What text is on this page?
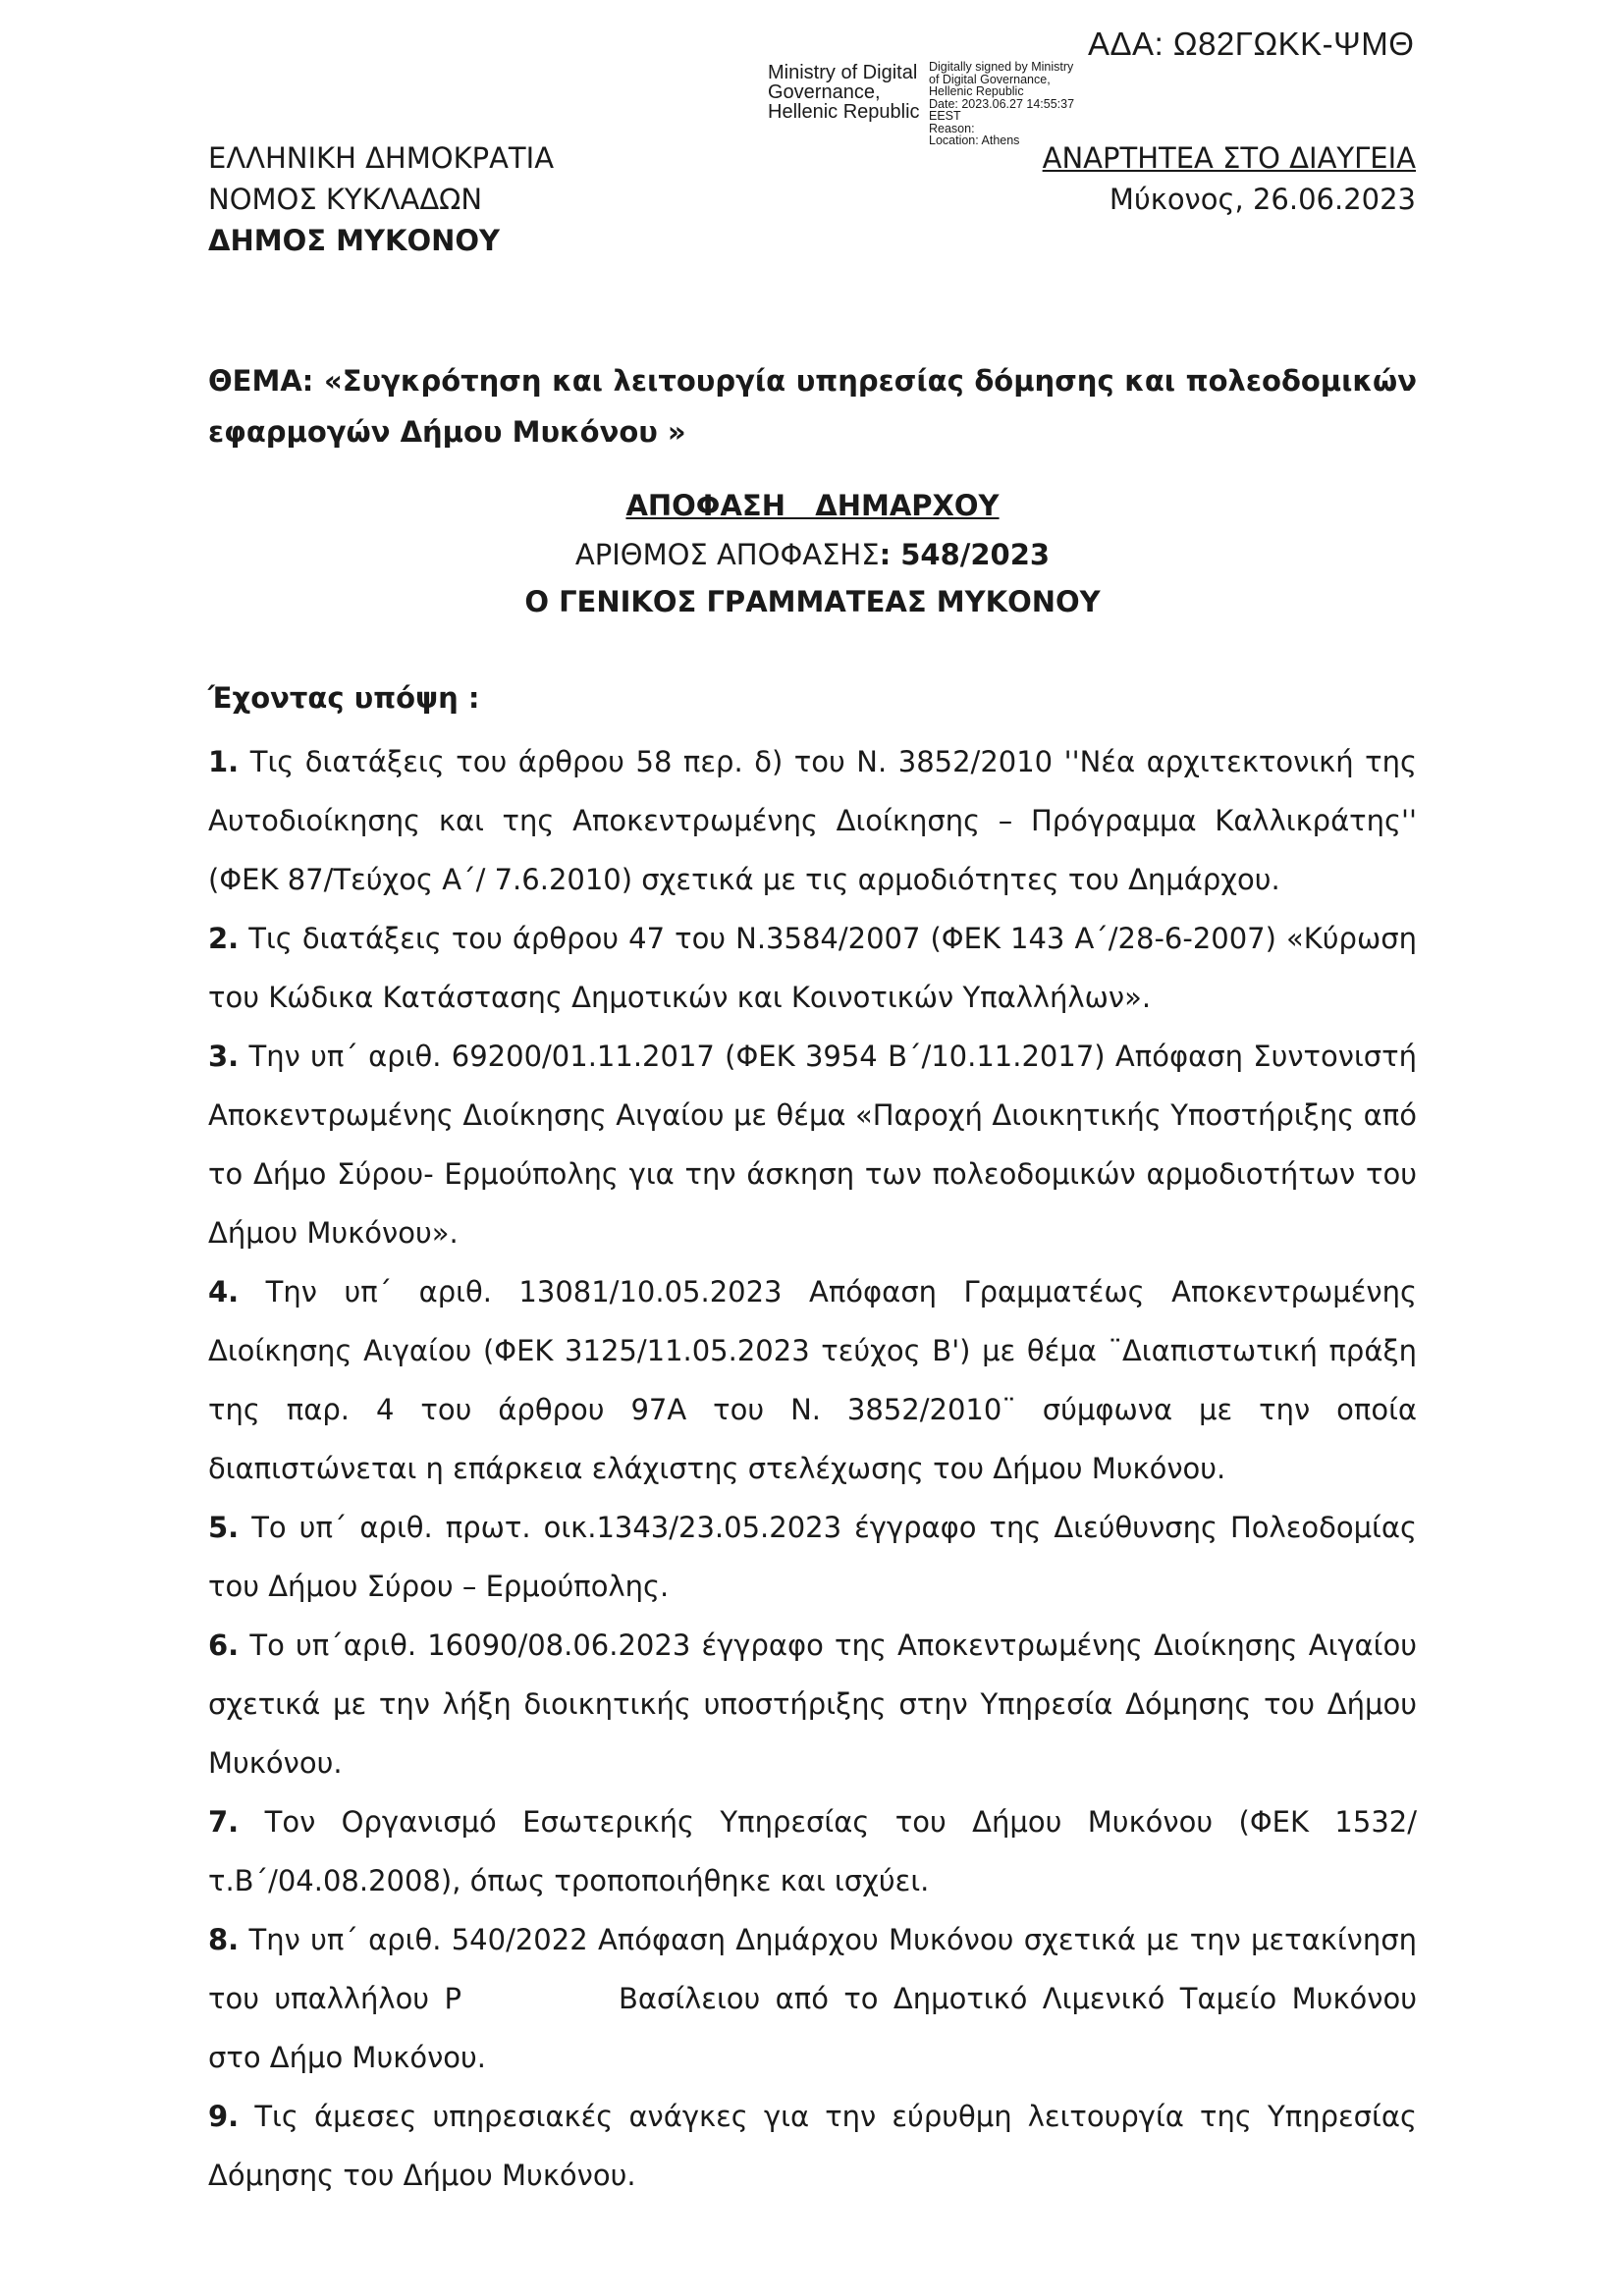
ΑΔΑ: Ω82ΓΩΚΚ-ΨΜΘ
Ministry of Digital
Governance,
Hellenic Republic
Digitally signed by Ministry
of Digital Governance,
Hellenic Republic
Date: 2023.06.27 14:55:37
EEST
Reason:
Location: Athens
ΕΛΛΗΝΙΚΗ ΔΗΜΟΚΡΑΤΙΑ
ΝΟΜΟΣ ΚΥΚΛΑΔΩΝ
ΔΗΜΟΣ ΜΥΚΟΝΟΥ
ΑΝΑΡΤΗΤΕΑ ΣΤΟ ΔΙΑΥΓΕΙΑ
Μύκονος, 26.06.2023
ΘΕΜΑ: «Συγκρότηση και λειτουργία υπηρεσίας δόμησης και πολεοδομικών
εφαρμογών Δήμου Μυκόνου »
ΑΠΟΦΑΣΗ   ΔΗΜΑΡΧΟΥ
ΑΡΙΘΜΟΣ ΑΠΟΦΑΣΗΣ: 548/2023
Ο ΓΕΝΙΚΟΣ ΓΡΑΜΜΑΤΕΑΣ ΜΥΚΟΝΟΥ
Έχοντας υπόψη :

1. Τις διατάξεις του άρθρου 58 περ. δ) του Ν. 3852/2010 ''Νέα αρχιτεκτονική της Αυτοδιοίκησης και της Αποκεντρωμένης Διοίκησης – Πρόγραμμα Καλλικράτης'' (ΦΕΚ 87/Τεύχος Α΄/ 7.6.2010) σχετικά με τις αρμοδιότητες του Δημάρχου.

2. Τις διατάξεις του άρθρου 47 του Ν.3584/2007 (ΦΕΚ 143 Α΄/28-6-2007) «Κύρωση του Κώδικα Κατάστασης Δημοτικών και Κοινοτικών Υπαλλήλων».

3. Την υπ΄ αριθ. 69200/01.11.2017 (ΦΕΚ 3954 Β΄/10.11.2017) Απόφαση Συντονιστή Αποκεντρωμένης Διοίκησης Αιγαίου με θέμα «Παροχή Διοικητικής Υποστήριξης από το Δήμο Σύρου- Ερμούπολης για την άσκηση των πολεοδομικών αρμοδιοτήτων του Δήμου Μυκόνου».

4. Την υπ΄ αριθ. 13081/10.05.2023 Απόφαση Γραμματέως Αποκεντρωμένης Διοίκησης Αιγαίου (ΦΕΚ 3125/11.05.2023 τεύχος Β') με θέμα ¨Διαπιστωτική πράξη της παρ. 4 του άρθρου 97Α του Ν. 3852/2010¨ σύμφωνα με την οποία διαπιστώνεται η επάρκεια ελάχιστης στελέχωσης του Δήμου Μυκόνου.

5. Το υπ΄ αριθ. πρωτ. οικ.1343/23.05.2023 έγγραφο της Διεύθυνσης Πολεοδομίας του Δήμου Σύρου – Ερμούπολης.

6. Το υπ΄αριθ. 16090/08.06.2023 έγγραφο της Αποκεντρωμένης Διοίκησης Αιγαίου σχετικά με την λήξη διοικητικής υποστήριξης στην Υπηρεσία Δόμησης του Δήμου Μυκόνου.

7. Τον Οργανισμό Εσωτερικής Υπηρεσίας του Δήμου Μυκόνου (ΦΕΚ 1532/τ.Β΄/04.08.2008), όπως τροποποιήθηκε και ισχύει.

8. Την υπ΄ αριθ. 540/2022 Απόφαση Δημάρχου Μυκόνου σχετικά με την μετακίνηση του υπαλλήλου Ρ	Βασίλειου από το Δημοτικό Λιμενικό Ταμείο Μυκόνου στο Δήμο Μυκόνου.

9. Τις άμεσες υπηρεσιακές ανάγκες για την εύρυθμη λειτουργία της Υπηρεσίας Δόμησης του Δήμου Μυκόνου.
